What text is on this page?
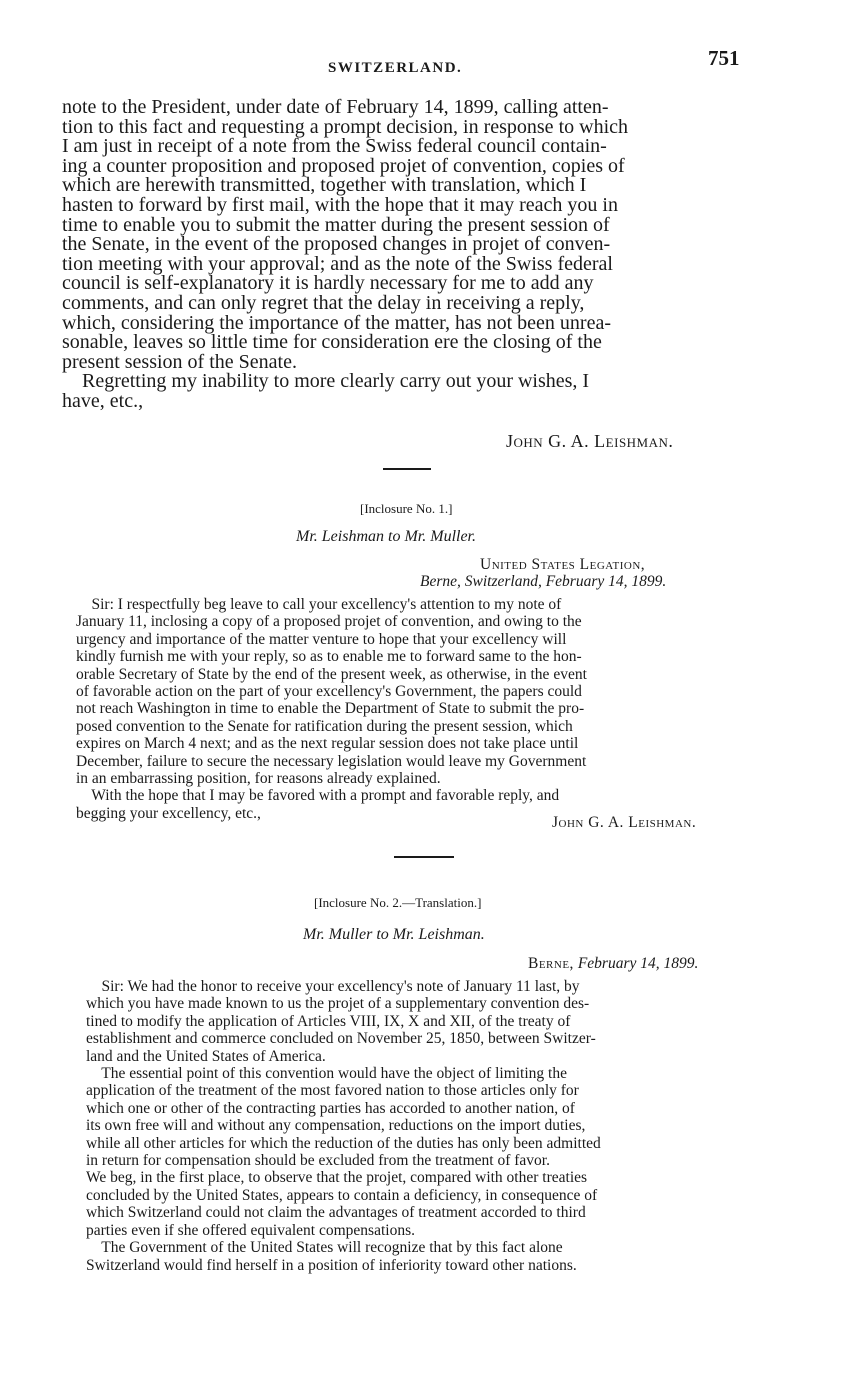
SWITZERLAND.	751
note to the President, under date of February 14, 1899, calling atten-
tion to this fact and requesting a prompt decision, in response to which
I am just in receipt of a note from the Swiss federal council contain-
ing a counter proposition and proposed projet of convention, copies of
which are herewith transmitted, together with translation, which I
hasten to forward by first mail, with the hope that it may reach you in
time to enable you to submit the matter during the present session of
the Senate, in the event of the proposed changes in projet of conven-
tion meeting with your approval; and as the note of the Swiss federal
council is self-explanatory it is hardly necessary for me to add any
comments, and can only regret that the delay in receiving a reply,
which, considering the importance of the matter, has not been unrea-
sonable, leaves so little time for consideration ere the closing of the
present session of the Senate.
Regretting my inability to more clearly carry out your wishes, I
have, etc.,
John G. A. Leishman.
[Inclosure No. 1.]
Mr. Leishman to Mr. Muller.
United States Legation,
Berne, Switzerland, February 14, 1899.
Sir: I respectfully beg leave to call your excellency's attention to my note of
January 11, inclosing a copy of a proposed projet of convention, and owing to the
urgency and importance of the matter venture to hope that your excellency will
kindly furnish me with your reply, so as to enable me to forward same to the hon-
orable Secretary of State by the end of the present week, as otherwise, in the event
of favorable action on the part of your excellency's Government, the papers could
not reach Washington in time to enable the Department of State to submit the pro-
posed convention to the Senate for ratification during the present session, which
expires on March 4 next; and as the next regular session does not take place until
December, failure to secure the necessary legislation would leave my Government
in an embarrassing position, for reasons already explained.
With the hope that I may be favored with a prompt and favorable reply, and
begging your excellency, etc.,
John G. A. Leishman.
[Inclosure No. 2.—Translation.]
Mr. Muller to Mr. Leishman.
Berne, February 14, 1899.
Sir: We had the honor to receive your excellency's note of January 11 last, by
which you have made known to us the projet of a supplementary convention des-
tined to modify the application of Articles VIII, IX, X and XII, of the treaty of
establishment and commerce concluded on November 25, 1850, between Switzer-
land and the United States of America.
The essential point of this convention would have the object of limiting the
application of the treatment of the most favored nation to those articles only for
which one or other of the contracting parties has accorded to another nation, of
its own free will and without any compensation, reductions on the import duties,
while all other articles for which the reduction of the duties has only been admitted
in return for compensation should be excluded from the treatment of favor.
We beg, in the first place, to observe that the projet, compared with other treaties
concluded by the United States, appears to contain a deficiency, in consequence of
which Switzerland could not claim the advantages of treatment accorded to third
parties even if she offered equivalent compensations.
The Government of the United States will recognize that by this fact alone
Switzerland would find herself in a position of inferiority toward other nations.
